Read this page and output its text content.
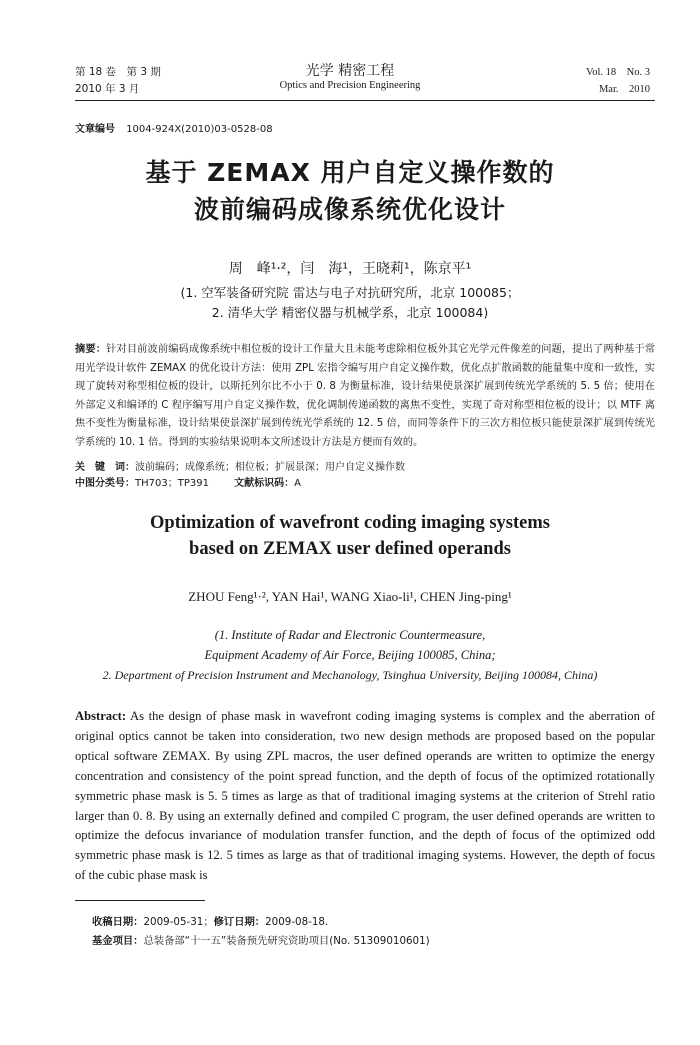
第 18 卷　第 3 期
2010 年 3 月
光学 精密工程
Optics and Precision Engineering
Vol. 18　No. 3
Mar.　2010
文章编号 1004-924X(2010)03-0528-08
基于 ZEMAX 用户自定义操作数的
波前编码成像系统优化设计
周　峰¹·²，闫　海¹，王晓莉¹，陈京平¹
(1. 空军装备研究院 雷达与电子对抗研究所，北京 100085；
2. 清华大学 精密仪器与机械学系，北京 100084)
摘要：针对目前波前编码成像系统中相位板的设计工作量大且未能考虑除相位板外其它光学元件像差的问题，提出了两种基于常用光学设计软件 ZEMAX 的优化设计方法：使用 ZPL 宏指令编写用户自定义操作数，优化点扩散函数的能量集中度和一致性，实现了旋转对称型相位板的设计，以斯托列尔比不小于 0. 8 为衡量标准，设计结果使景深扩展到传统光学系统的 5. 5 倍；使用在外部定义和编译的 C 程序编写用户自定义操作数，优化调制传递函数的离焦不变性，实现了奇对称型相位板的设计；以 MTF 离焦不变性为衡量标准，设计结果使景深扩展到传统光学系统的 12. 5 倍，而同等条件下的三次方相位板只能使景深扩展到传统光学系统的 10. 1 倍。得到的实验结果说明本文所述设计方法是方便而有效的。
关　键　词：波前编码；成像系统；相位板；扩展景深；用户自定义操作数
中图分类号：TH703；TP391	文献标识码：A
Optimization of wavefront coding imaging systems
based on ZEMAX user defined operands
ZHOU Feng¹·², YAN Hai¹, WANG Xiao-li¹, CHEN Jing-ping¹
(1. Institute of Radar and Electronic Countermeasure,
Equipment Academy of Air Force, Beijing 100085, China;
2. Department of Precision Instrument and Mechanology, Tsinghua University, Beijing 100084, China)
Abstract: As the design of phase mask in wavefront coding imaging systems is complex and the aberration of original optics cannot be taken into consideration, two new design methods are proposed based on the popular optical software ZEMAX. By using ZPL macros, the user defined operands are written to optimize the energy concentration and consistency of the point spread function, and the depth of focus of the optimized rotationally symmetric phase mask is 5. 5 times as large as that of traditional imaging systems at the criterion of Strehl ratio larger than 0. 8. By using an externally defined and compiled C program, the user defined operands are written to optimize the defocus invariance of modulation transfer function, and the depth of focus of the optimized odd symmetric phase mask is 12. 5 times as large as that of traditional imaging systems. However, the depth of focus of the cubic phase mask is
收稿日期：2009-05-31；修订日期：2009-08-18.
基金项目：总装备部“十一五”装备预先研究资助项目(No. 51309010601)
